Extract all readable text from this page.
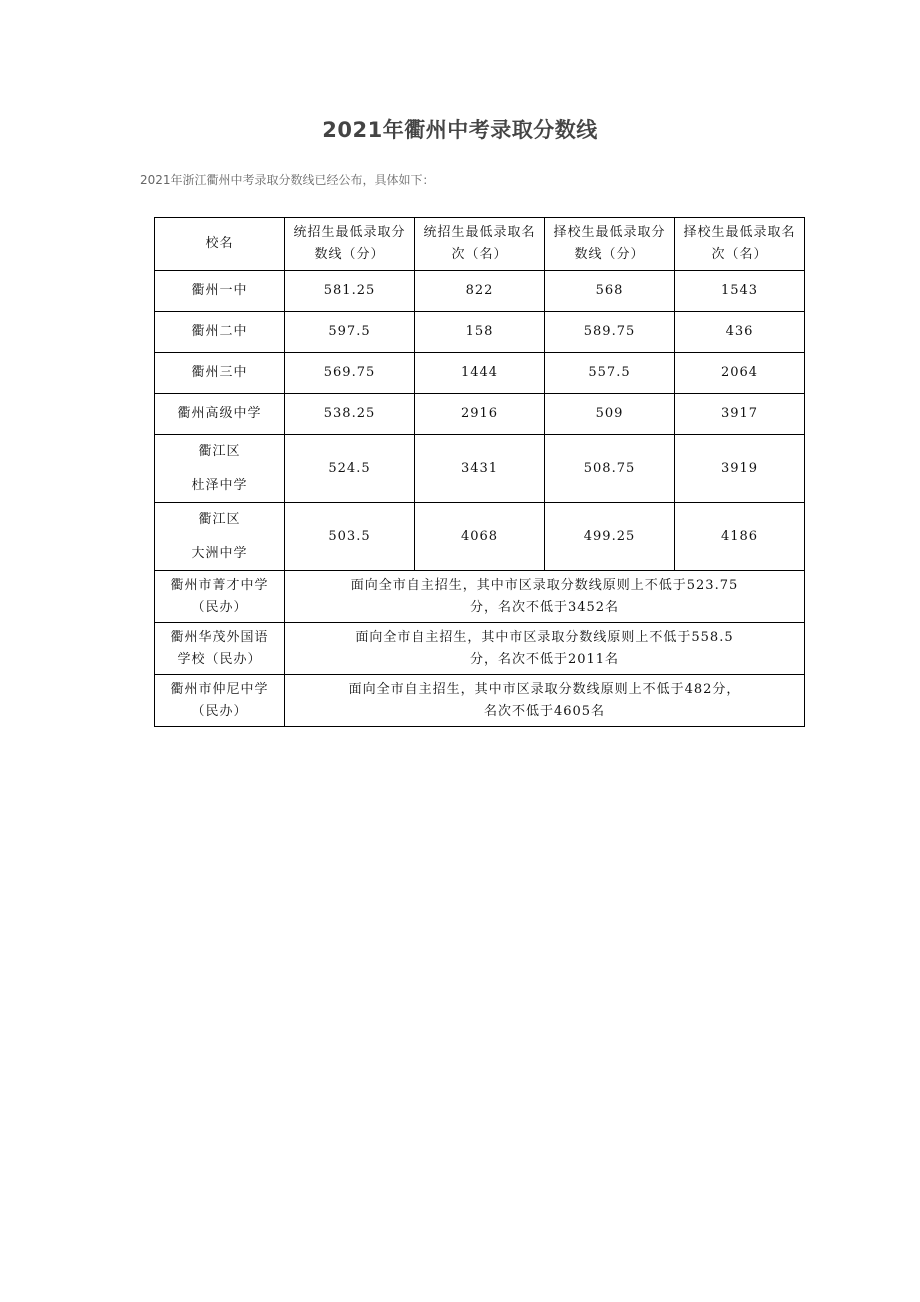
2021年衢州中考录取分数线
2021年浙江衢州中考录取分数线已经公布，具体如下：
校名	统招生最低录取分数线（分）	统招生最低录取名次（名）	择校生最低录取分数线（分）	择校生最低录取名次（名）
衢州一中	581.25	822	568	1543
衢州二中	597.5	158	589.75	436
衢州三中	569.75	1444	557.5	2064
衢州高级中学	538.25	2916	509	3917

衢江区
杜泽中学	524.5	3431	508.75	3919

衢江区
大洲中学	503.5	4068	499.25	4186
衢州市菁才中学
（民办）	面向全市自主招生，其中市区录取分数线原则上不低于523.75
分，名次不低于3452名			
衢州华茂外国语
学校（民办）	面向全市自主招生，其中市区录取分数线原则上不低于558.5
分，名次不低于2011名			
衢州市仲尼中学
（民办）	面向全市自主招生，其中市区录取分数线原则上不低于482分，
名次不低于4605名			
